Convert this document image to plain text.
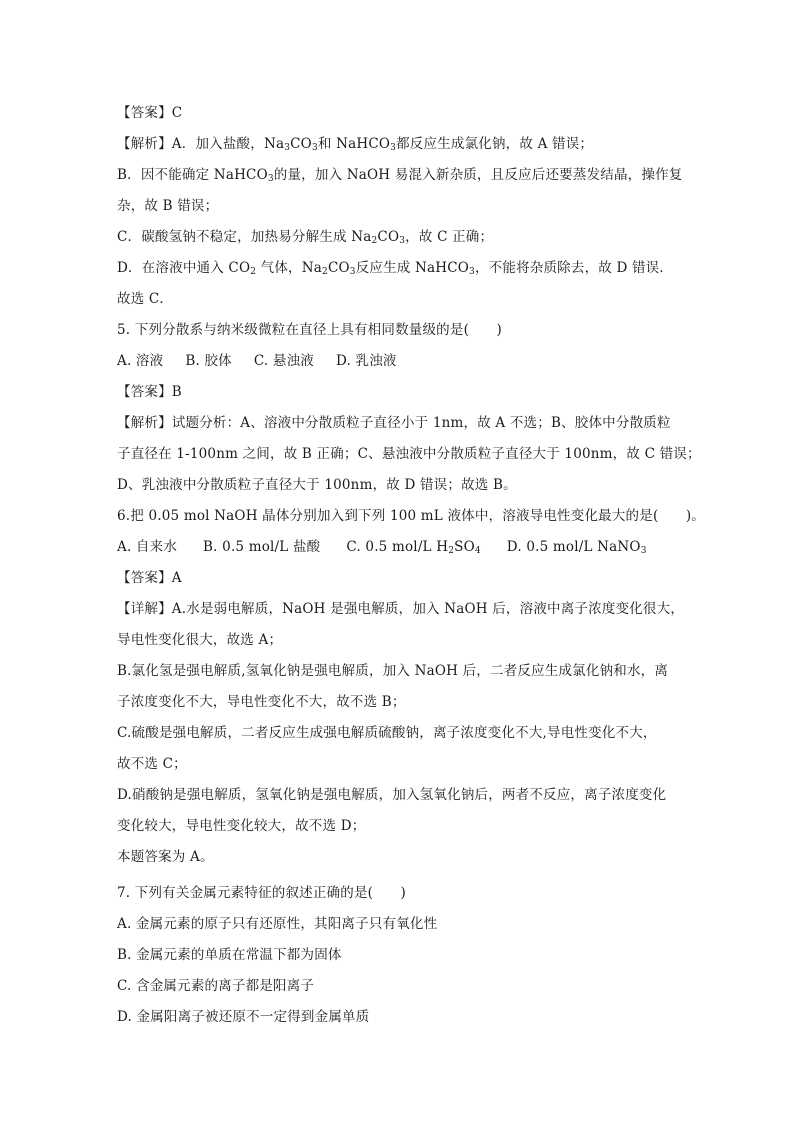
【答案】C
【解析】A．加入盐酸，$Na_3CO_3$和 NaHCO$_3$都反应生成氯化钠，故 A 错误；
B．因不能确定 NaHCO$_3$的量，加入 NaOH 易混入新杂质，且反应后还要蒸发结晶，操作复
杂，故 B 错误；
C．碳酸氢钠不稳定，加热易分解生成 $Na_2CO_3$，故 C 正确；
D．在溶液中通入 $CO_2$ 气体，$Na_2CO_3$反应生成 NaHCO$_3$，不能将杂质除去，故 D 错误．
故选 C．
5. 下列分散系与纳米级微粒在直径上具有相同数量级的是(　　)
A. 溶液 B. 胶体 C. 悬浊液 D. 乳浊液
【答案】B
【解析】试题分析：A、溶液中分散质粒子直径小于 1nm，故 A 不选；B、胶体中分散质粒
子直径在 1-100nm 之间，故 B 正确；C、悬浊液中分散质粒子直径大于 100nm，故 C 错误；
D、乳浊液中分散质粒子直径大于 100nm，故 D 错误；故选 B。
6.把 0.05 mol NaOH 晶体分别加入到下列 100 mL 液体中，溶液导电性变化最大的是(　　)。
A. 自来水 B. 0.5 mol/L 盐酸 C. 0.5 mol/L $H_2SO_4$ D. 0.5 mol/L NaNO$_3$
【答案】A
【详解】A.水是弱电解质，NaOH 是强电解质，加入 NaOH 后，溶液中离子浓度变化很大，
导电性变化很大，故选 A；
B.氯化氢是强电解质,氢氧化钠是强电解质，加入 NaOH 后，二者反应生成氯化钠和水，离
子浓度变化不大，导电性变化不大，故不选 B；
C.硫酸是强电解质，二者反应生成强电解质硫酸钠，离子浓度变化不大,导电性变化不大，
故不选 C；
D.硝酸钠是强电解质，氢氧化钠是强电解质，加入氢氧化钠后，两者不反应，离子浓度变化
变化较大，导电性变化较大，故不选 D；
本题答案为 A。
7. 下列有关金属元素特征的叙述正确的是(　　)
A. 金属元素的原子只有还原性，其阳离子只有氧化性
B. 金属元素的单质在常温下都为固体
C. 含金属元素的离子都是阳离子
D. 金属阳离子被还原不一定得到金属单质
